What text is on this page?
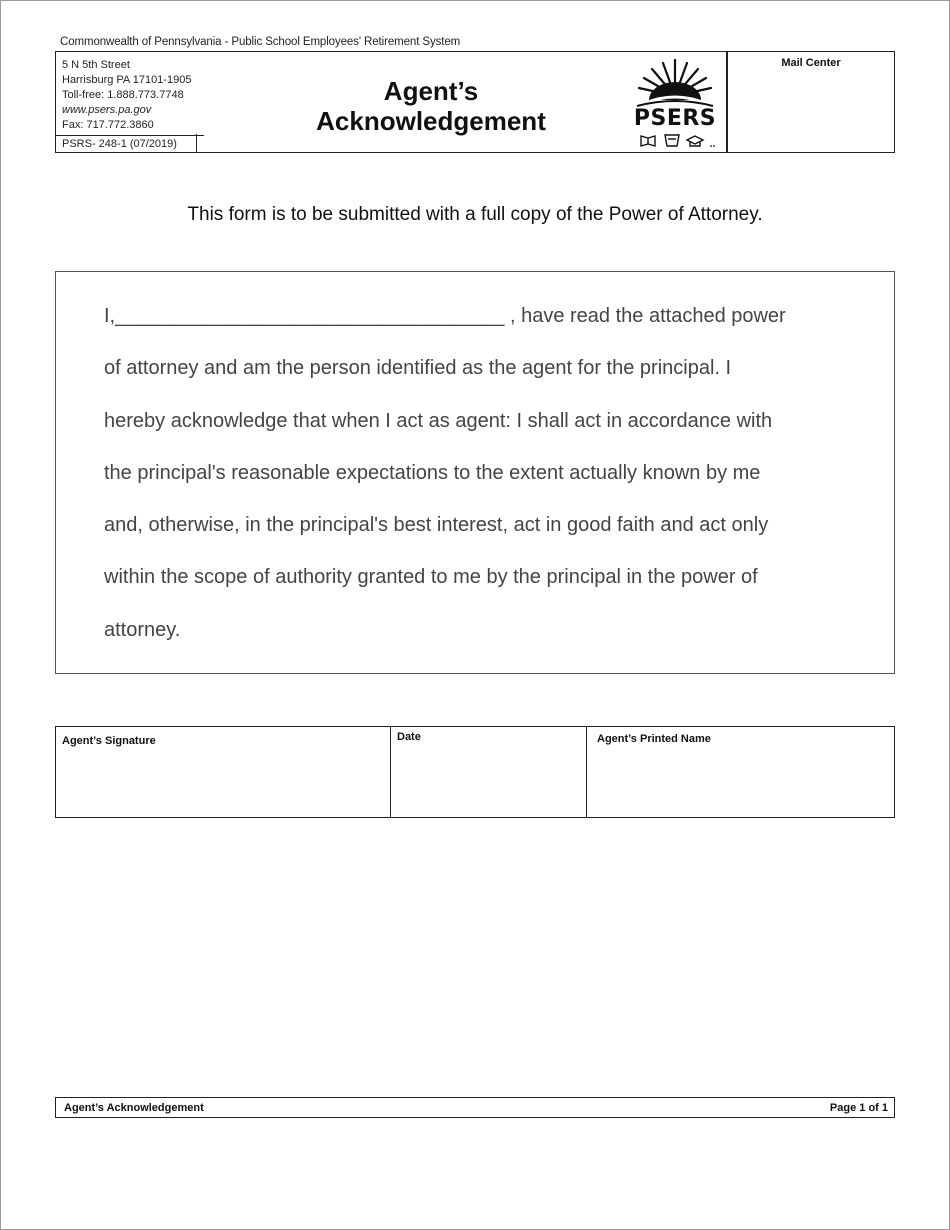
Commonwealth of Pennsylvania - Public School Employees' Retirement System
5 N 5th Street
Harrisburg PA 17101-1905
Toll-free: 1.888.773.7748
www.psers.pa.gov
Fax: 717.772.3860
PSRS- 248-1 (07/2019)
Agent’s
Acknowledgement	PSERS
Mail Center
This form is to be submitted with a full copy of the Power of Attorney.
I,___________________________________ , have read the attached power
of attorney and am the person identified as the agent for the principal. I
hereby acknowledge that when I act as agent: I shall act in accordance with
the principal's reasonable expectations to the extent actually known by me
and, otherwise, in the principal's best interest, act in good faith and act only
within the scope of authority granted to me by the principal in the power of
attorney.
Agent’s Signature	Date	Agent’s Printed Name
Agent’s Acknowledgement	Page 1 of 1
